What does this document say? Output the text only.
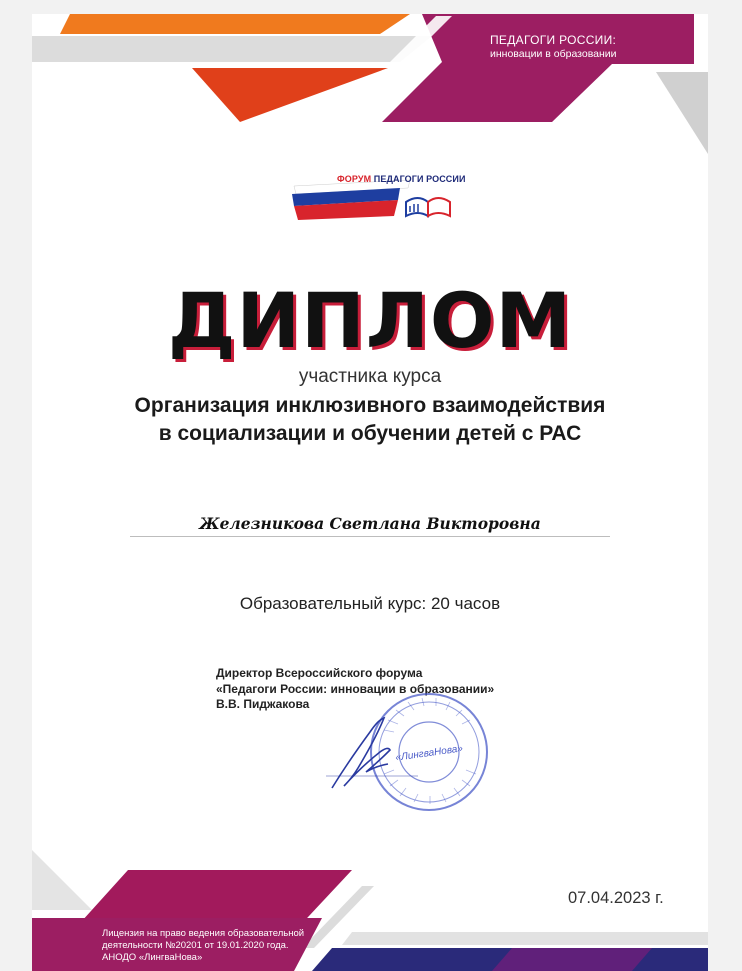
ПЕДАГОГИ РОССИИ:
инновации в образовании
ФОРУМ ПЕДАГОГИ РОССИИ
ДИПЛОМ
участника курса
Организация инклюзивного взаимодействия
в социализации и обучении детей с РАС
Железникова Светлана Викторовна
Образовательный курс: 20 часов
Директор Всероссийского форума
«Педагоги России: инновации в образовании»
В.В. Пиджакова
«ЛингваНова»
07.04.2023 г.
Лицензия на право ведения образовательной
деятельности №20201 от 19.01.2020 года.
АНОДО «ЛингваНова»
